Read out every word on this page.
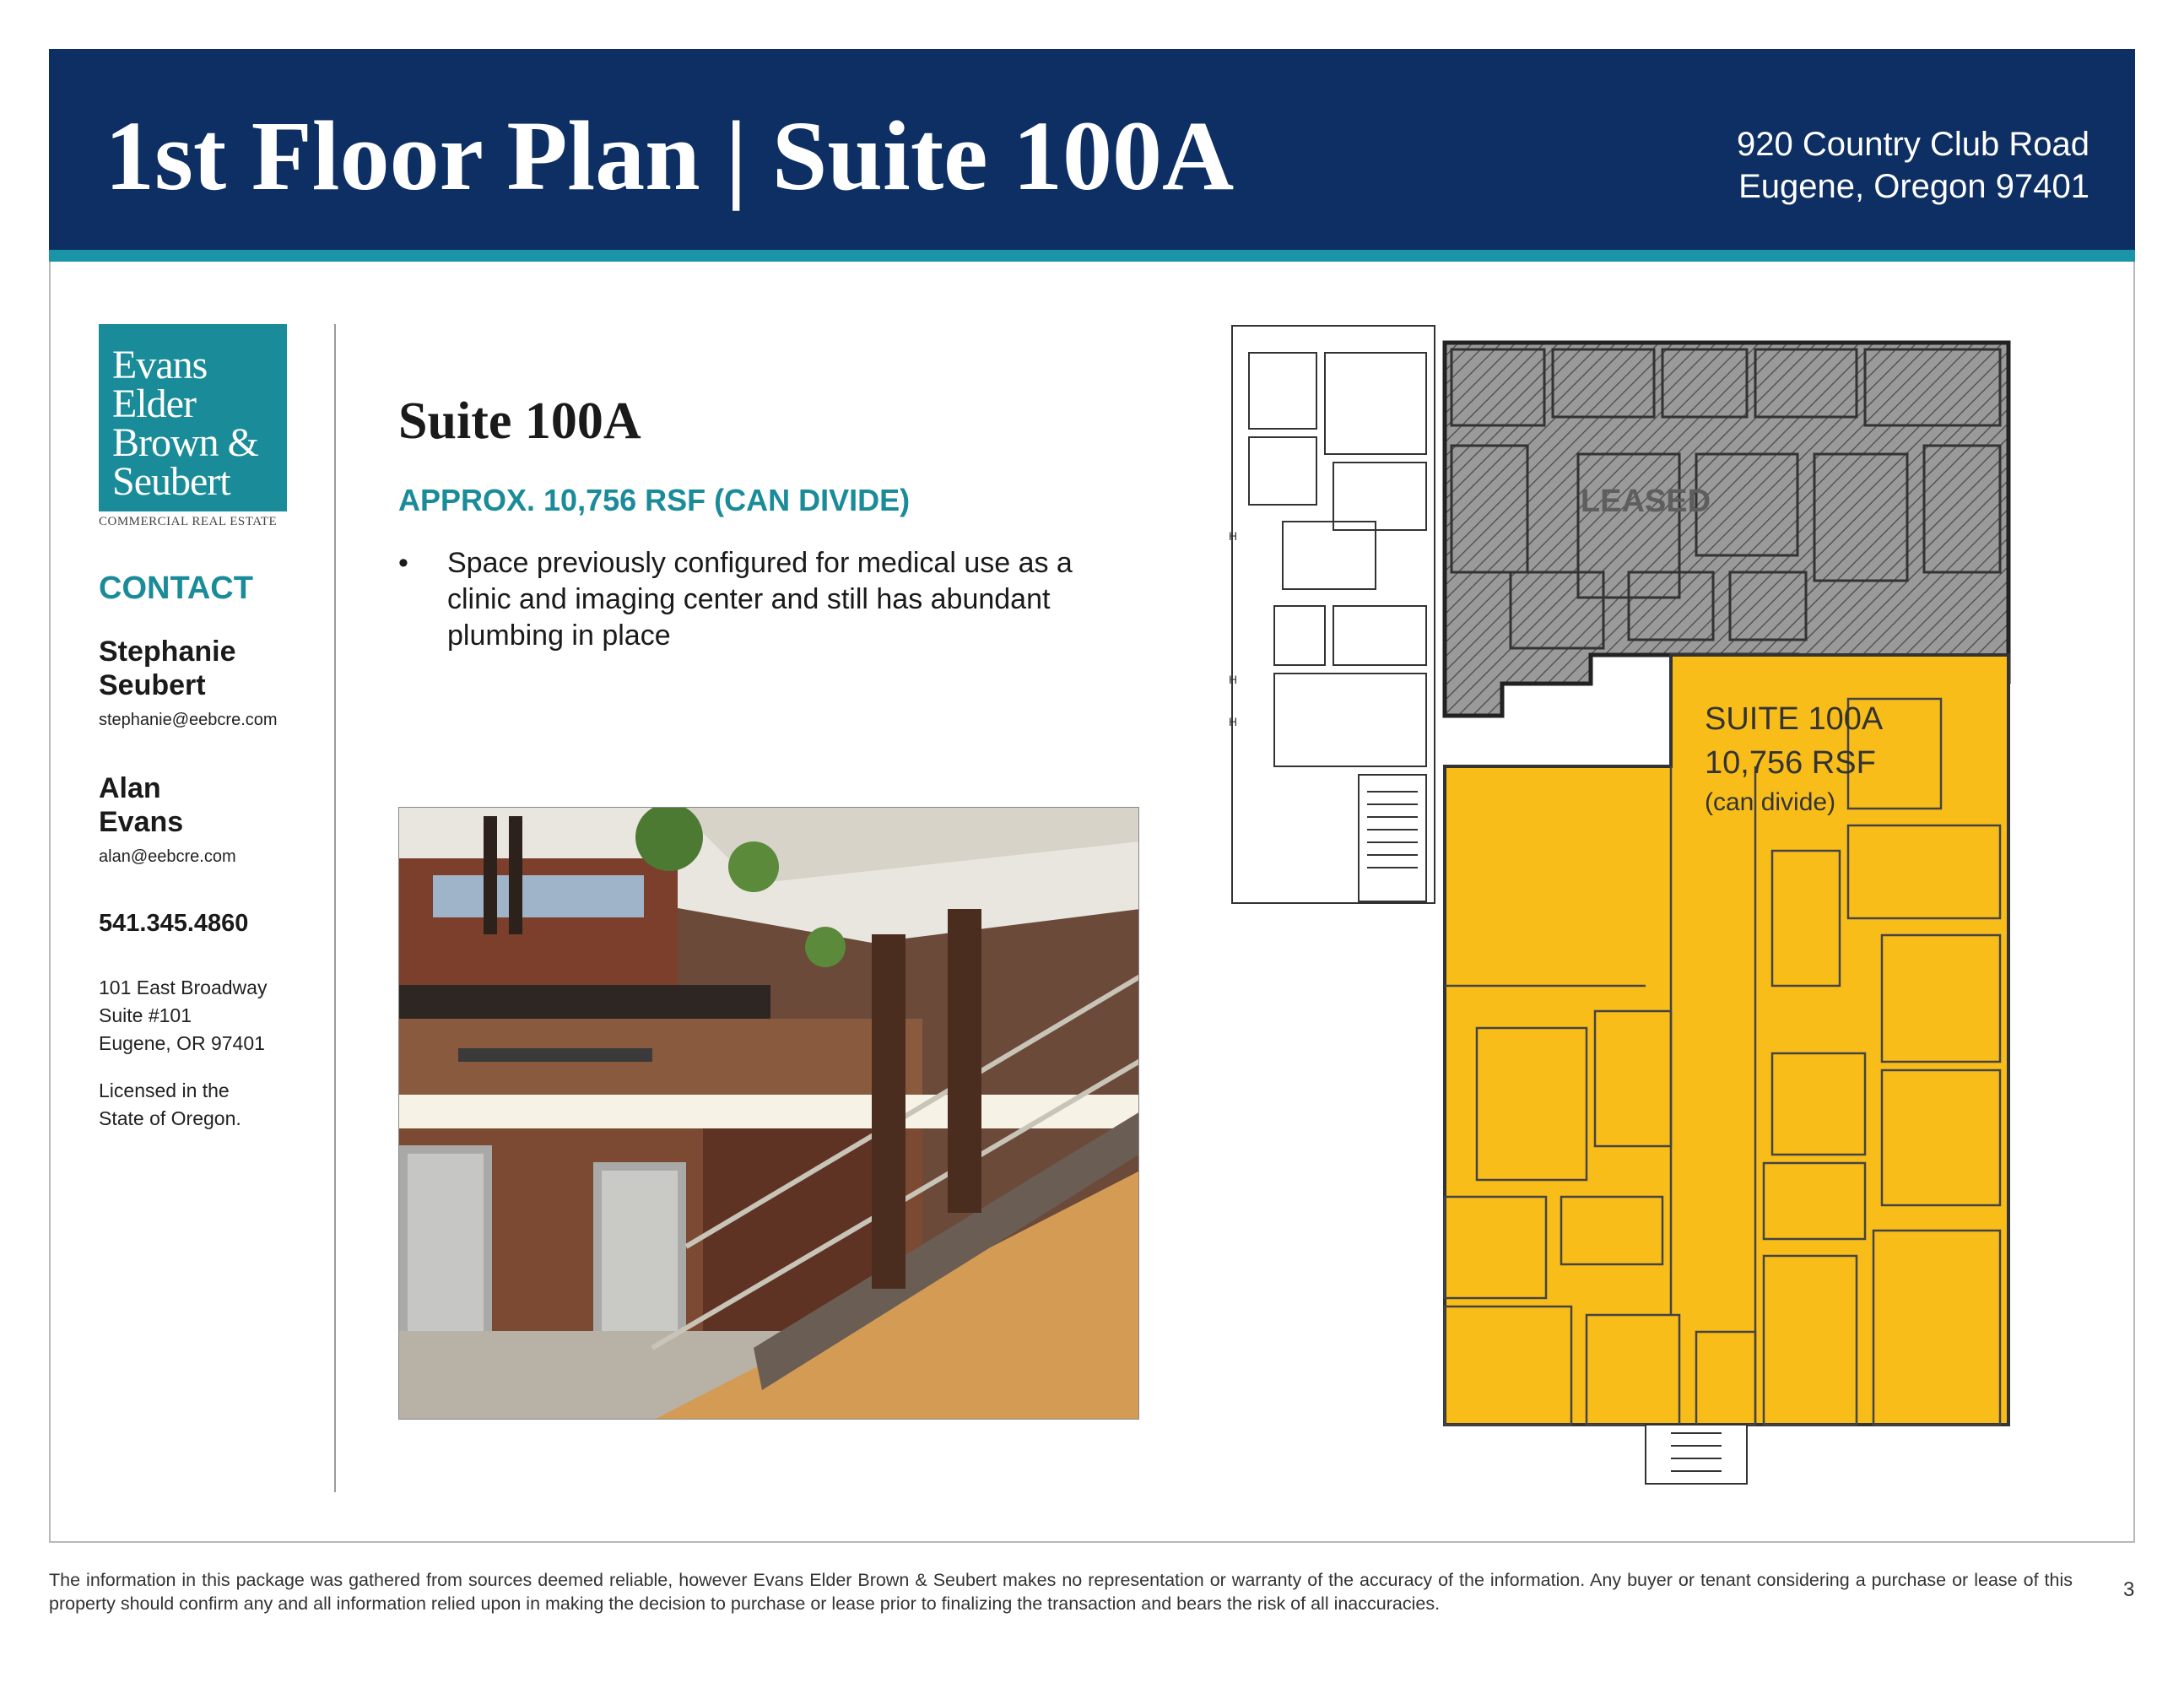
1st Floor Plan | Suite 100A	920 Country Club Road
Eugene, Oregon 97401
Evans
Elder
Brown &
Seubert
COMMERCIAL REAL ESTATE
CONTACT
Stephanie
Seubert
stephanie@eebcre.com
Alan
Evans
alan@eebcre.com
541.345.4860
101 East Broadway
Suite #101
Eugene, OR 97401
Licensed in the
State of Oregon.
Suite 100A
APPROX. 10,756 RSF (CAN DIVIDE)
• Space previously configured for medical use as a clinic and imaging center and still has abundant plumbing in place
H
H
H
LEASED
SUITE 100A
10,756 RSF
(can divide)

The information in this package was gathered from sources deemed reliable, however Evans Elder Brown & Seubert makes no representation or warranty of the accuracy of the information. Any buyer or tenant considering a purchase or lease of this property should confirm any and all information relied upon in making the decision to purchase or lease prior to finalizing the transaction and bears the risk of all inaccuracies.

3
